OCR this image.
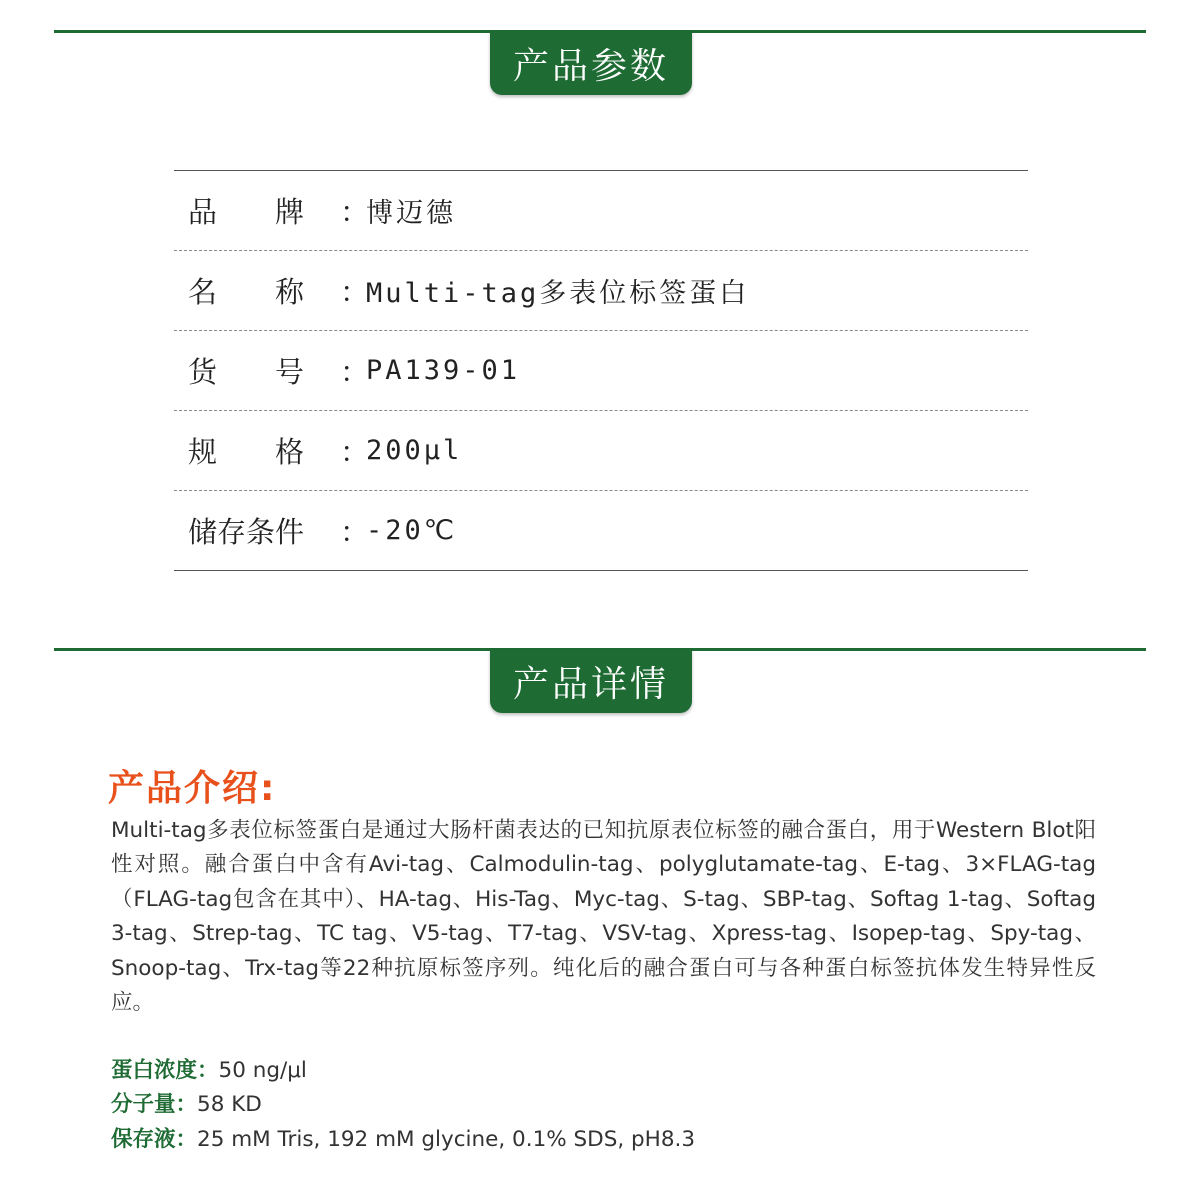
产品参数
品　　牌	：
博迈德
名　　称	：
Multi-tag多表位标签蛋白
货　　号	：
PA139-01
规　　格	：
200μl
储存条件	：
-20℃
产品详情
产品介绍:

Multi-tag多表位标签蛋白是通过大肠杆菌表达的已知抗原表位标签的融合蛋白，用于Western Blot阳性对照。融合蛋白中含有Avi-tag、Calmodulin-tag、polyglutamate-tag、E-tag、3×FLAG-tag（FLAG-tag包含在其中）、HA-tag、His-Tag、Myc-tag、S-tag、SBP-tag、Softag 1-tag、Softag 3-tag、Strep-tag、TC tag、V5-tag、T7-tag、VSV-tag、Xpress-tag、Isopep-tag、Spy-tag、Snoop-tag、Trx-tag等22种抗原标签序列。纯化后的融合蛋白可与各种蛋白标签抗体发生特异性反应。

蛋白浓度：50 ng/μl
分子量：58 KD
保存液：25 mM Tris, 192 mM glycine, 0.1% SDS, pH8.3
